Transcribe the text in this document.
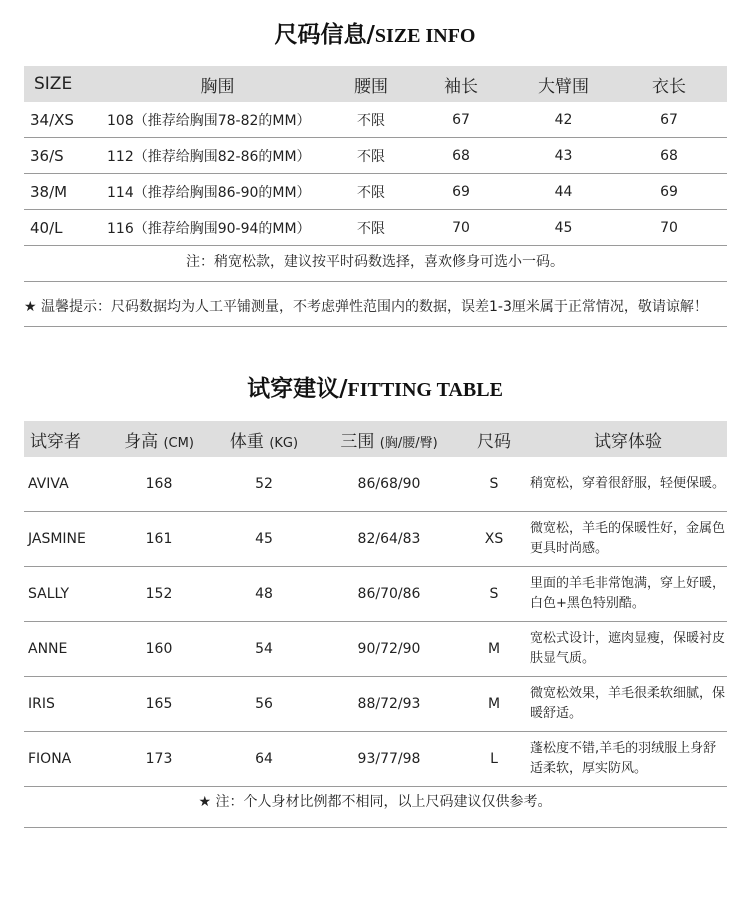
尺码信息/SIZE INFO
SIZE	胸围	腰围	袖长	大臂围	衣长
34/XS	108（推荐给胸围78-82的MM）	不限	67	42	67
36/S	112（推荐给胸围82-86的MM）	不限	68	43	68
38/M	114（推荐给胸围86-90的MM）	不限	69	44	69
40/L	116（推荐给胸围90-94的MM）	不限	70	45	70
注：稍宽松款，建议按平时码数选择，喜欢修身可选小一码。
★ 温馨提示：尺码数据均为人工平铺测量，不考虑弹性范围内的数据，误差1-3厘米属于正常情况，敬请谅解！
试穿建议/FITTING TABLE
试穿者	身高 (CM)	体重 (KG)	三围 (胸/腰/臀)	尺码	试穿体验
AVIVA	168	52	86/68/90	S	稍宽松，穿着很舒服，轻便保暖。
JASMINE	161	45	82/64/83	XS	微宽松，羊毛的保暖性好，金属色更具时尚感。
SALLY	152	48	86/70/86	S	里面的羊毛非常饱满，穿上好暖，白色+黑色特别酷。
ANNE	160	54	90/72/90	M	宽松式设计，遮肉显瘦，保暖衬皮肤显气质。
IRIS	165	56	88/72/93	M	微宽松效果，羊毛很柔软细腻，保暖舒适。
FIONA	173	64	93/77/98	L	蓬松度不错,羊毛的羽绒服上身舒适柔软，厚实防风。
★ 注：个人身材比例都不相同，以上尺码建议仅供参考。
